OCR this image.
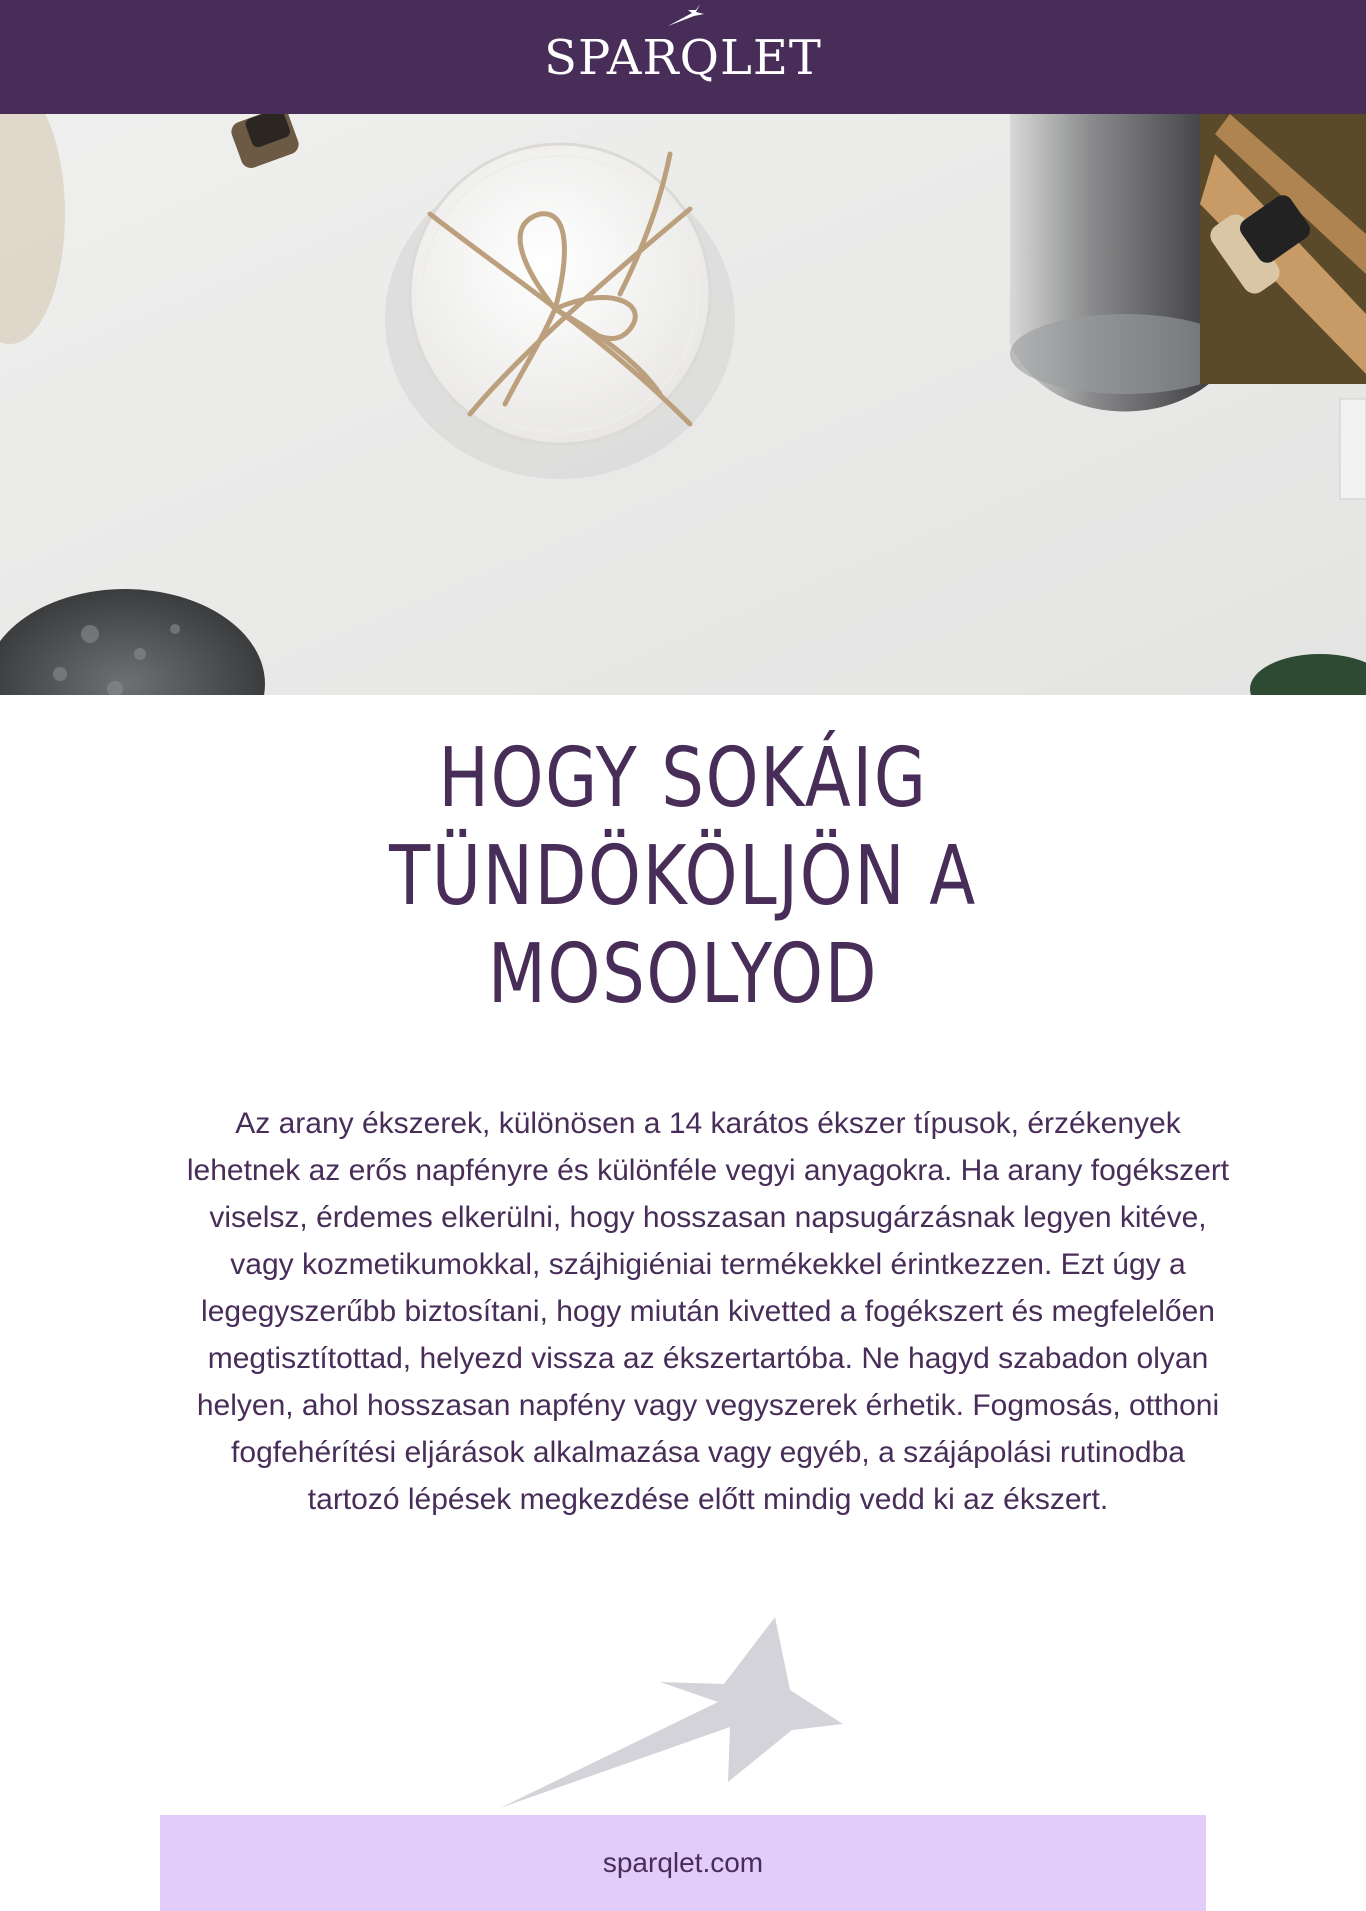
SPARQLET
HOGY SOKÁIG
TÜNDÖKÖLJÖN A
MOSOLYOD

Az arany ékszerek, különösen a 14 karátos ékszer típusok, érzékenyek lehetnek az erős napfényre és különféle vegyi anyagokra. Ha arany fogékszert viselsz, érdemes elkerülni, hogy hosszasan napsugárzásnak legyen kitéve, vagy kozmetikumokkal, szájhigiéniai termékekkel érintkezzen. Ezt úgy a legegyszerűbb biztosítani, hogy miután kivetted a fogékszert és megfelelően megtisztítottad, helyezd vissza az ékszertartóba. Ne hagyd szabadon olyan helyen, ahol hosszasan napfény vagy vegyszerek érhetik. Fogmosás, otthoni fogfehérítési eljárások alkalmazása vagy egyéb, a szájápolási rutinodba tartozó lépések megkezdése előtt mindig vedd ki az ékszert.

sparqlet.com
